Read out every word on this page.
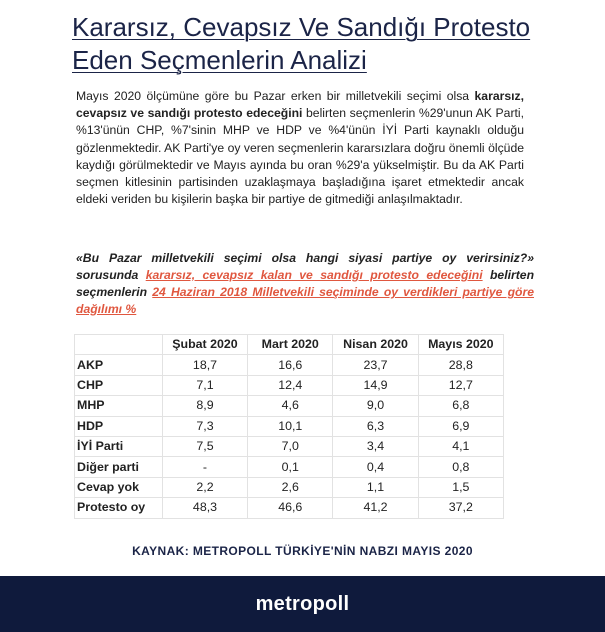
Kararsız, Cevapsız Ve Sandığı Protesto
Eden Seçmenlerin Analizi

Mayıs 2020 ölçümüne göre bu Pazar erken bir milletvekili seçimi olsa kararsız, cevapsız ve sandığı protesto edeceğini belirten seçmenlerin %29'unun AK Parti, %13'ünün CHP, %7'sinin MHP ve HDP ve %4'ünün İYİ Parti kaynaklı olduğu gözlenmektedir. AK Parti'ye oy veren seçmenlerin kararsızlara doğru önemli ölçüde kaydığı görülmektedir ve Mayıs ayında bu oran %29'a yükselmiştir. Bu da AK Parti seçmen kitlesinin partisinden uzaklaşmaya başladığına işaret etmektedir ancak eldeki veriden bu kişilerin başka bir partiye de gitmediği anlaşılmaktadır.

«Bu Pazar milletvekili seçimi olsa hangi siyasi partiye oy verirsiniz?» sorusunda kararsız, cevapsız kalan ve sandığı protesto edeceğini belirten seçmenlerin 24 Haziran 2018 Milletvekili seçiminde oy verdikleri partiye göre dağılımı %

	Şubat 2020	Mart 2020	Nisan 2020	Mayıs 2020
AKP	18,7	16,6	23,7	28,8
CHP	7,1	12,4	14,9	12,7
MHP	8,9	4,6	9,0	6,8
HDP	7,3	10,1	6,3	6,9
İYİ Parti	7,5	7,0	3,4	4,1
Diğer parti	-	0,1	0,4	0,8
Cevap yok	2,2	2,6	1,1	1,5
Protesto oy	48,3	46,6	41,2	37,2
KAYNAK: METROPOLL TÜRKİYE'NİN NABZI MAYIS 2020
metropoll
